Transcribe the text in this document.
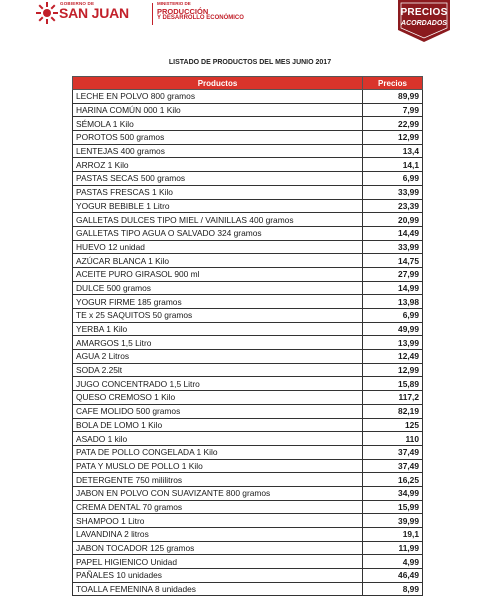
GOBIERNO DE
SAN JUAN
MINISTERIO DE
PRODUCCIÓN
Y DESARROLLO ECONÓMICO	PRECIOS
ACORDADOS
LISTADO DE PRODUCTOS DEL MES JUNIO 2017
Productos	Precios
LECHE EN POLVO 800 gramos	89,99
HARINA COMÚN 000 1 Kilo	7,99
SÉMOLA 1 Kilo	22,99
POROTOS 500 gramos	12,99
LENTEJAS 400 gramos	13,4
ARROZ 1 Kilo	14,1
PASTAS SECAS 500 gramos	6,99
PASTAS FRESCAS 1 Kilo	33,99
YOGUR BEBIBLE 1 Litro	23,39
GALLETAS DULCES TIPO MIEL / VAINILLAS 400 gramos	20,99
GALLETAS TIPO AGUA O SALVADO 324 gramos	14,49
HUEVO 12 unidad	33,99
AZÚCAR BLANCA 1 Kilo	14,75
ACEITE PURO GIRASOL 900 ml	27,99
DULCE 500 gramos	14,99
YOGUR FIRME 185 gramos	13,98
TE x 25 SAQUITOS 50 gramos	6,99
YERBA 1 Kilo	49,99
AMARGOS 1,5 Litro	13,99
AGUA 2 Litros	12,49
SODA 2.25lt	12,99
JUGO CONCENTRADO 1,5 Litro	15,89
QUESO CREMOSO 1 Kilo	117,2
CAFE MOLIDO 500 gramos	82,19
BOLA DE LOMO 1 Kilo	125
ASADO 1 kilo	110
PATA DE POLLO CONGELADA 1 Kilo	37,49
PATA Y MUSLO DE POLLO 1 Kilo	37,49
DETERGENTE 750 mililitros	16,25
JABON EN POLVO CON SUAVIZANTE 800 gramos	34,99
CREMA DENTAL 70 gramos	15,99
SHAMPOO 1 Litro	39,99
LAVANDINA 2 litros	19,1
JABON TOCADOR 125 gramos	11,99
PAPEL HIGIENICO Unidad	4,99
PAÑALES 10 unidades	46,49
TOALLA FEMENINA 8 unidades	8,99
